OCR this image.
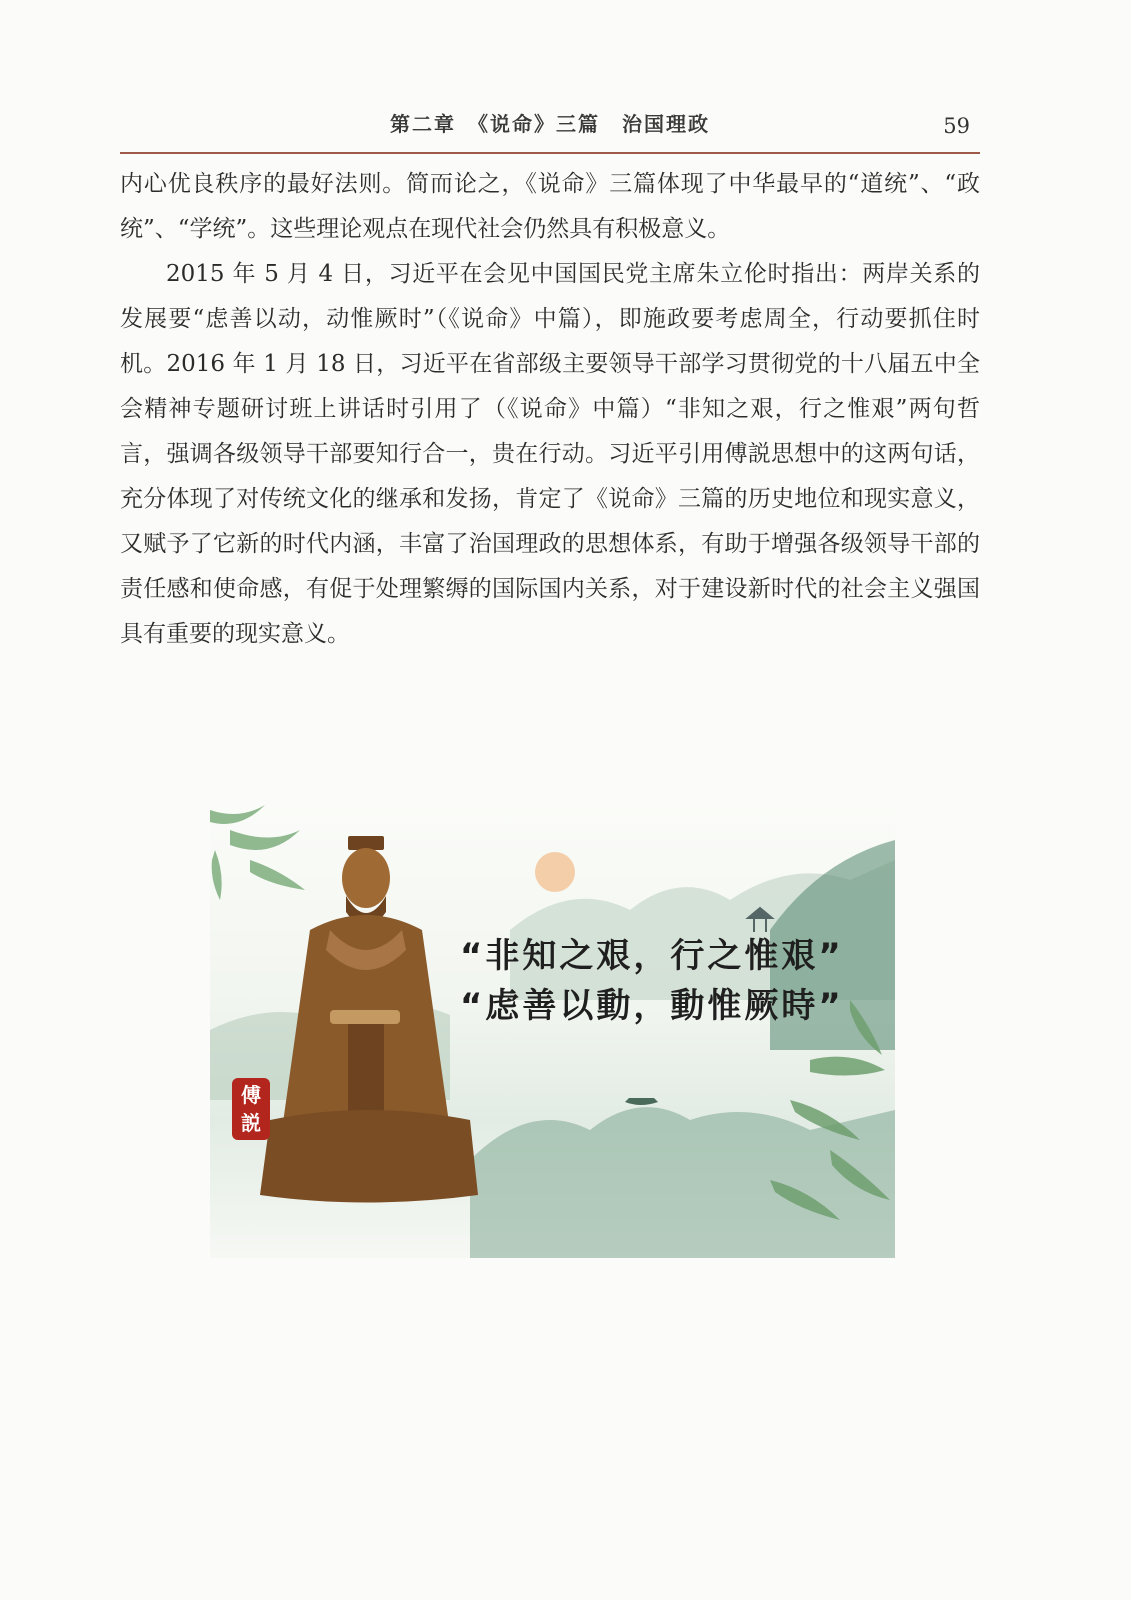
第二章　《说命》三篇　治国理政	59

内心优良秩序的最好法则。简而论之，《说命》三篇体现了中华最早的“道统”、“政统”、“学统”。这些理论观点在现代社会仍然具有积极意义。

2015 年 5 月 4 日，习近平在会见中国国民党主席朱立伦时指出：两岸关系的发展要“虑善以动，动惟厥时”（《说命》中篇），即施政要考虑周全，行动要抓住时机。2016 年 1 月 18 日，习近平在省部级主要领导干部学习贯彻党的十八届五中全会精神专题研讨班上讲话时引用了（《说命》中篇）“非知之艰，行之惟艰”两句哲言，强调各级领导干部要知行合一，贵在行动。习近平引用傅説思想中的这两句话，充分体现了对传统文化的继承和发扬，肯定了《说命》三篇的历史地位和现实意义，又赋予了它新的时代内涵，丰富了治国理政的思想体系，有助于增强各级领导干部的责任感和使命感，有促于处理繁缛的国际国内关系，对于建设新时代的社会主义强国具有重要的现实意义。

“非知之艰，行之惟艰”
“虑善以動，動惟厥時”
傅説
